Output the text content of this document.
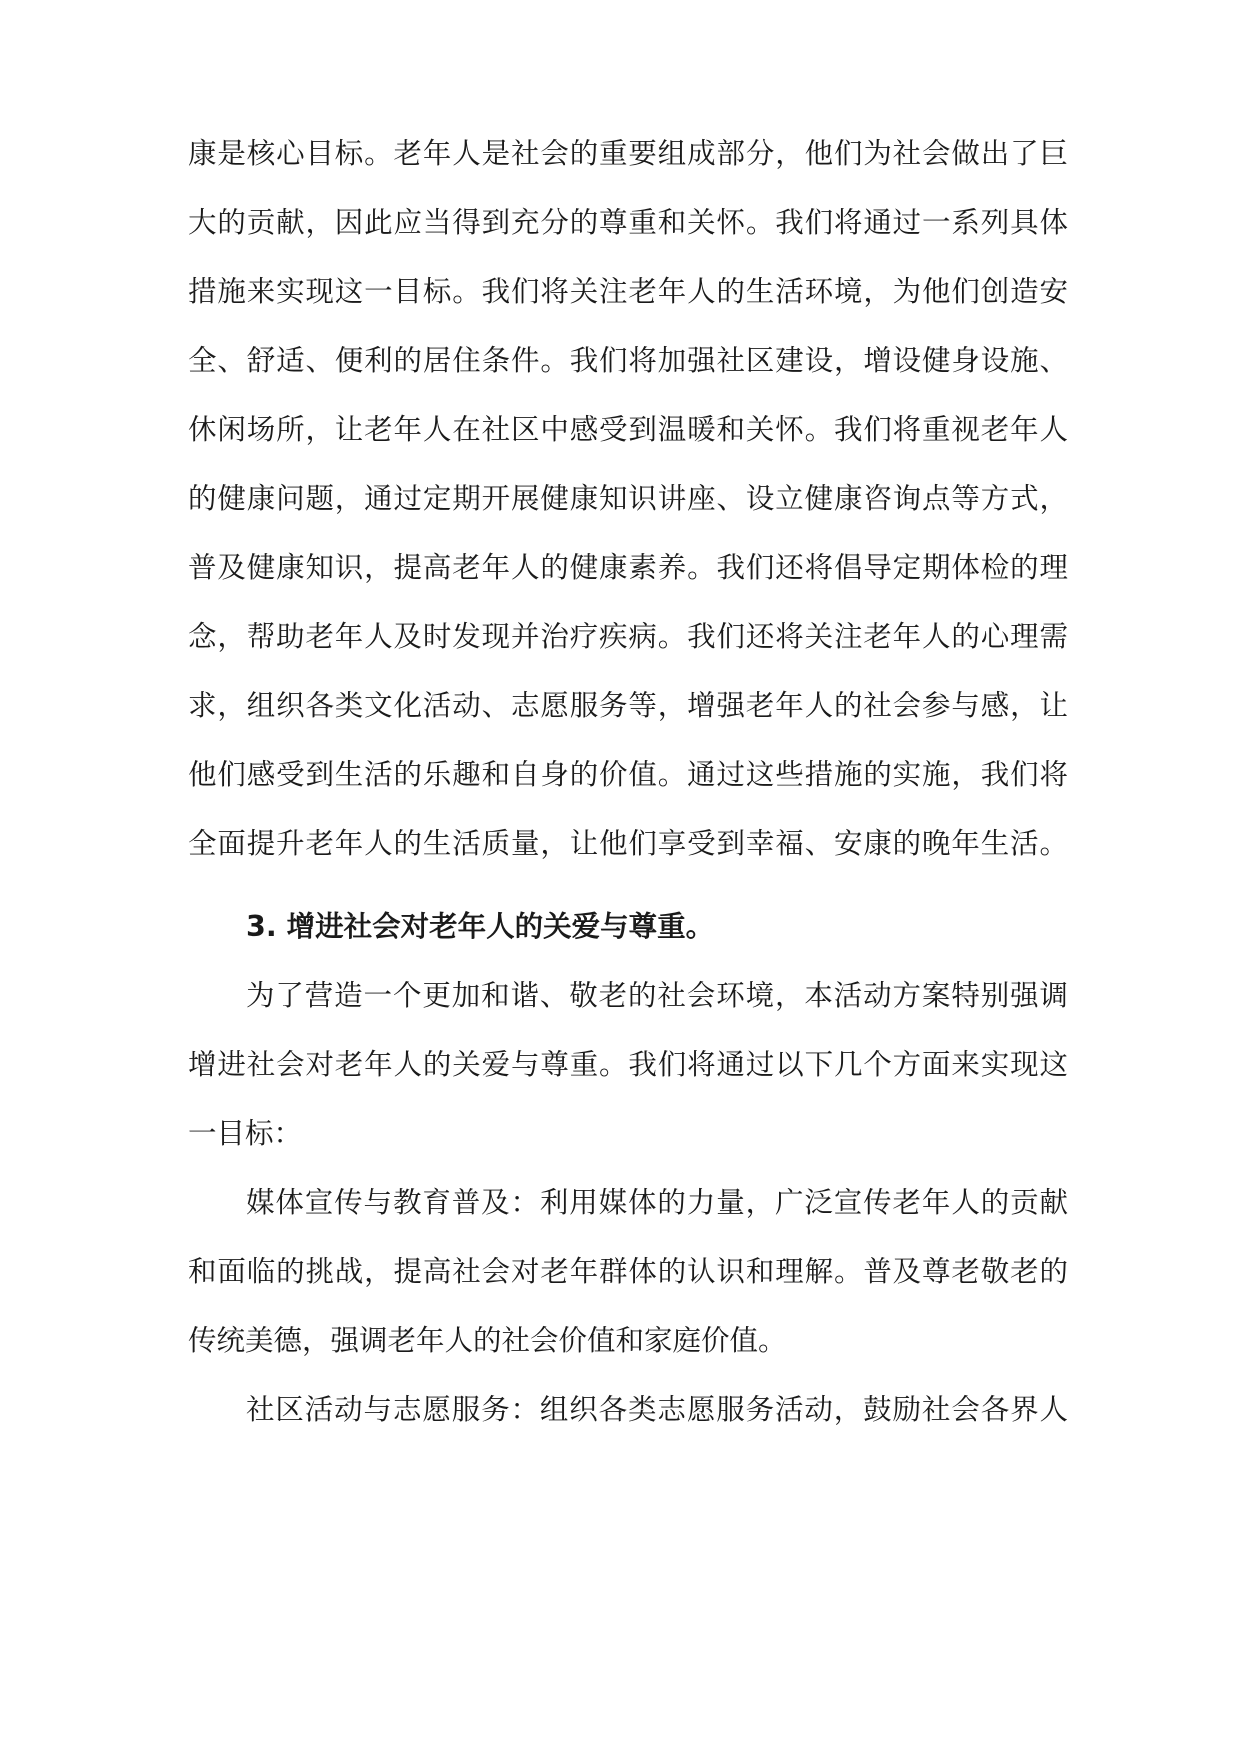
康是核心目标。老年人是社会的重要组成部分，他们为社会做出了巨
大的贡献，因此应当得到充分的尊重和关怀。我们将通过一系列具体
措施来实现这一目标。我们将关注老年人的生活环境，为他们创造安
全、舒适、便利的居住条件。我们将加强社区建设，增设健身设施、
休闲场所，让老年人在社区中感受到温暖和关怀。我们将重视老年人
的健康问题，通过定期开展健康知识讲座、设立健康咨询点等方式，
普及健康知识，提高老年人的健康素养。我们还将倡导定期体检的理
念，帮助老年人及时发现并治疗疾病。我们还将关注老年人的心理需
求，组织各类文化活动、志愿服务等，增强老年人的社会参与感，让
他们感受到生活的乐趣和自身的价值。通过这些措施的实施，我们将
全面提升老年人的生活质量，让他们享受到幸福、安康的晚年生活。
3. 增进社会对老年人的关爱与尊重。
为了营造一个更加和谐、敬老的社会环境，本活动方案特别强调
增进社会对老年人的关爱与尊重。我们将通过以下几个方面来实现这
一目标：
媒体宣传与教育普及：利用媒体的力量，广泛宣传老年人的贡献
和面临的挑战，提高社会对老年群体的认识和理解。普及尊老敬老的
传统美德，强调老年人的社会价值和家庭价值。
社区活动与志愿服务：组织各类志愿服务活动，鼓励社会各界人
